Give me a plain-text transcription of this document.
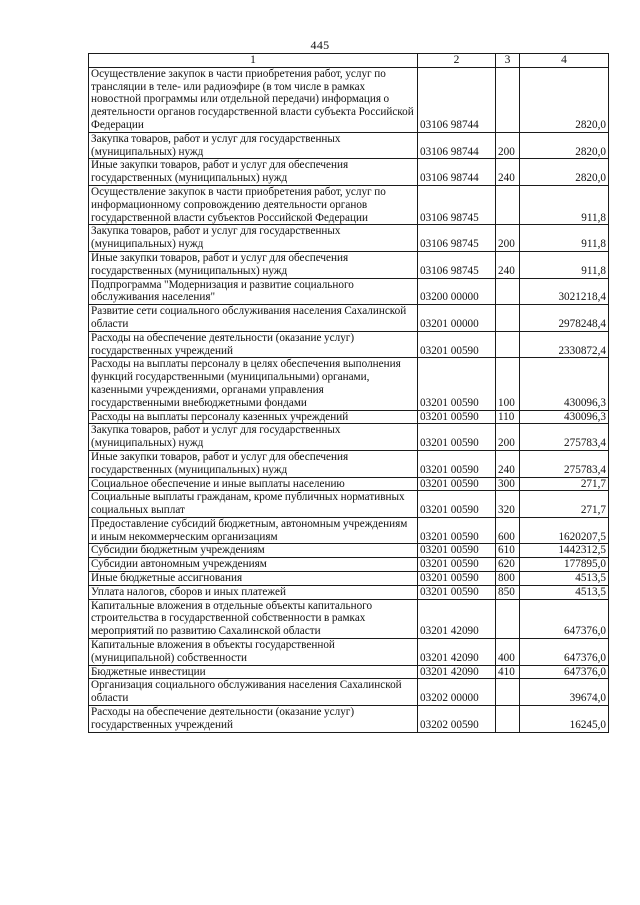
445
1	2	3	4
Осуществление закупок в части приобретения работ, услуг по трансляции в теле- или радиоэфире (в том числе в рамках новостной программы или отдельной передачи) информация о деятельности органов государственной власти субъекта Российской Федерации	03106 98744		2820,0
Закупка товаров, работ и услуг для государственных (муниципальных) нужд	03106 98744	200	2820,0
Иные закупки товаров, работ и услуг для обеспечения государственных (муниципальных) нужд	03106 98744	240	2820,0
Осуществление закупок в части приобретения работ, услуг по информационному сопровождению деятельности органов государственной власти субъектов Российской Федерации	03106 98745		911,8
Закупка товаров, работ и услуг для государственных (муниципальных) нужд	03106 98745	200	911,8
Иные закупки товаров, работ и услуг для обеспечения государственных (муниципальных) нужд	03106 98745	240	911,8
Подпрограмма "Модернизация и развитие социального обслуживания населения"	03200 00000		3021218,4
Развитие сети социального обслуживания населения Сахалинской области	03201 00000		2978248,4
Расходы на обеспечение деятельности (оказание услуг) государственных учреждений	03201 00590		2330872,4
Расходы на выплаты персоналу в целях обеспечения выполнения функций государственными (муниципальными) органами, казенными учреждениями, органами управления государственными внебюджетными фондами	03201 00590	100	430096,3
Расходы на выплаты персоналу казенных учреждений	03201 00590	110	430096,3
Закупка товаров, работ и услуг для государственных (муниципальных) нужд	03201 00590	200	275783,4
Иные закупки товаров, работ и услуг для обеспечения государственных (муниципальных) нужд	03201 00590	240	275783,4
Социальное обеспечение и иные выплаты населению	03201 00590	300	271,7
Социальные выплаты гражданам, кроме публичных нормативных социальных выплат	03201 00590	320	271,7
Предоставление субсидий бюджетным, автономным учреждениям и иным некоммерческим организациям	03201 00590	600	1620207,5
Субсидии бюджетным учреждениям	03201 00590	610	1442312,5
Субсидии автономным учреждениям	03201 00590	620	177895,0
Иные бюджетные ассигнования	03201 00590	800	4513,5
Уплата налогов, сборов и иных платежей	03201 00590	850	4513,5
Капитальные вложения в отдельные объекты капитального строительства в государственной собственности в рамках мероприятий по развитию Сахалинской области	03201 42090		647376,0
Капитальные вложения в объекты государственной (муниципальной) собственности	03201 42090	400	647376,0
Бюджетные инвестиции	03201 42090	410	647376,0
Организация социального обслуживания населения Сахалинской области	03202 00000		39674,0
Расходы на обеспечение деятельности (оказание услуг) государственных учреждений	03202 00590		16245,0
